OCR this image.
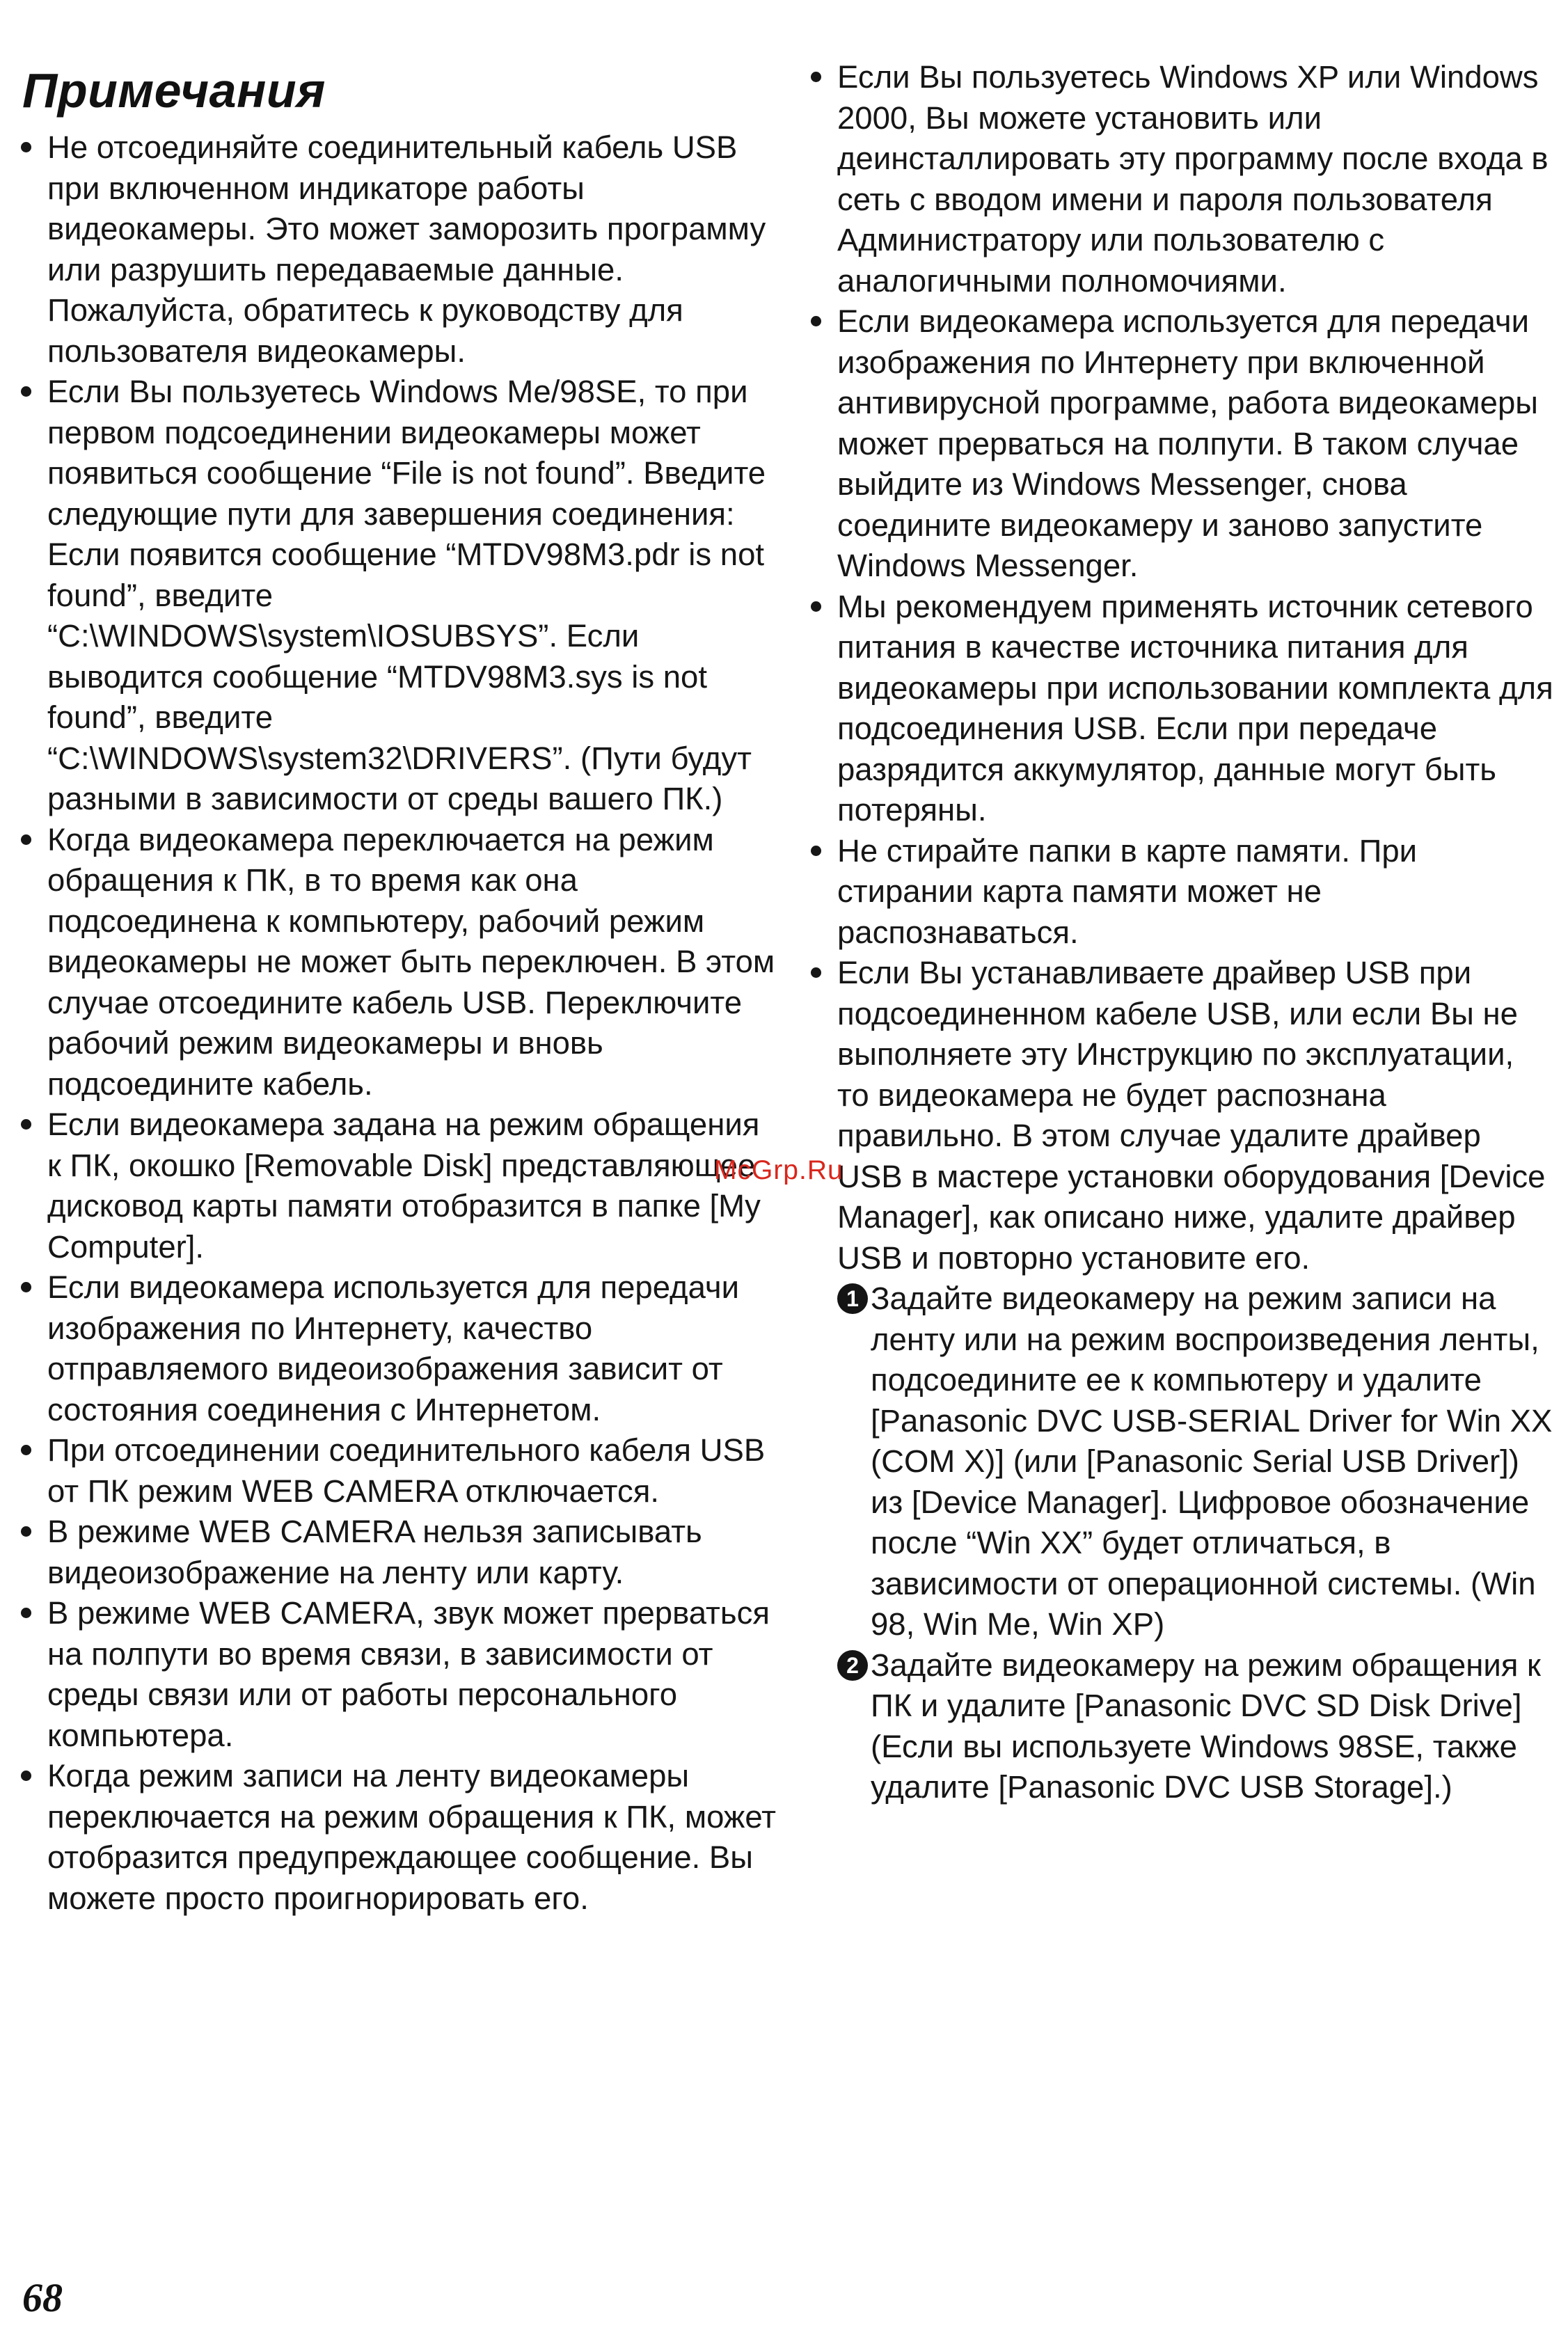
Примечания
Не отсоединяйте соединительный кабель USB при включенном индикаторе работы видеокамеры. Это может заморозить программу или разрушить передаваемые данные. Пожалуйста, обратитесь к руководству для пользователя видеокамеры.
Если Вы пользуетесь Windows Me/98SE, то при первом подсоединении видеокамеры может появиться сообщение “File is not found”. Введите следующие пути для завершения соединения: Если появится сообщение “MTDV98M3.pdr is not found”, введите “C:\WINDOWS\system\IOSUBSYS”. Если выводится сообщение “MTDV98M3.sys is not found”, введите “C:\WINDOWS\system32\DRIVERS”. (Пути будут разными в зависимости от среды вашего ПК.)
Когда видеокамера переключается на режим обращения к ПК, в то время как она подсоединена к компьютеру, рабочий режим видеокамеры не может быть переключен. В этом случае отсоедините кабель USB. Переключите рабочий режим видеокамеры и вновь подсоедините кабель.
Если видеокамера задана на режим обращения к ПК, окошко [Removable Disk] представляющее дисковод карты памяти отобразится в папке [My Computer].
Если видеокамера используется для передачи изображения по Интернету, качество отправляемого видеоизображения зависит от состояния соединения с Интернетом.
При отсоединении соединительного кабеля USB от ПК режим WEB CAMERA отключается.
В режиме WEB CAMERA нельзя записывать видеоизображение на ленту или карту.
В режиме WEB CAMERA, звук может прерваться на полпути во время связи, в зависимости от среды связи или от работы персонального компьютера.
Когда режим записи на ленту видеокамеры переключается на режим обращения к ПК, может отобразится предупреждающее сообщение. Вы можете просто проигнорировать его.
Если Вы пользуетесь Windows XP или Windows 2000, Вы можете установить или деинсталлировать эту программу после входа в сеть с вводом имени и пароля пользователя Администратору или пользователю с аналогичными полномочиями.
Если видеокамера используется для передачи изображения по Интернету при включенной антивирусной программе, работа видеокамеры может прерваться на полпути. В таком случае выйдите из Windows Messenger, снова соедините видеокамеру и заново запустите Windows Messenger.
Мы рекомендуем применять источник сетевого питания в качестве источника питания для видеокамеры при использовании комплекта для подсоединения USB. Если при передаче разрядится аккумулятор, данные могут быть потеряны.
Не стирайте папки в карте памяти. При стирании карта памяти может не распознаваться.
Если Вы устанавливаете драйвер USB при подсоединенном кабеле USB, или если Вы не выполняете эту Инструкцию по эксплуатации, то видеокамера не будет распознана правильно. В этом случае удалите драйвер USB в мастере установки оборудования [Device Manager], как описано ниже, удалите драйвер USB и повторно установите его.
1 Задайте видеокамеру на режим записи на ленту или на режим воспроизведения ленты, подсоедините ее к компьютеру и удалите [Panasonic DVC USB-SERIAL Driver for Win XX (COM X)] (или [Panasonic Serial USB Driver]) из [Device Manager]. Цифровое обозначение после “Win XX” будет отличаться, в зависимости от операционной системы. (Win 98, Win Me, Win XP)
2 Задайте видеокамеру на режим обращения к ПК и удалите [Panasonic DVC SD Disk Drive] (Если вы используете Windows 98SE, также удалите [Panasonic DVC USB Storage].)
McGrp.Ru
68
